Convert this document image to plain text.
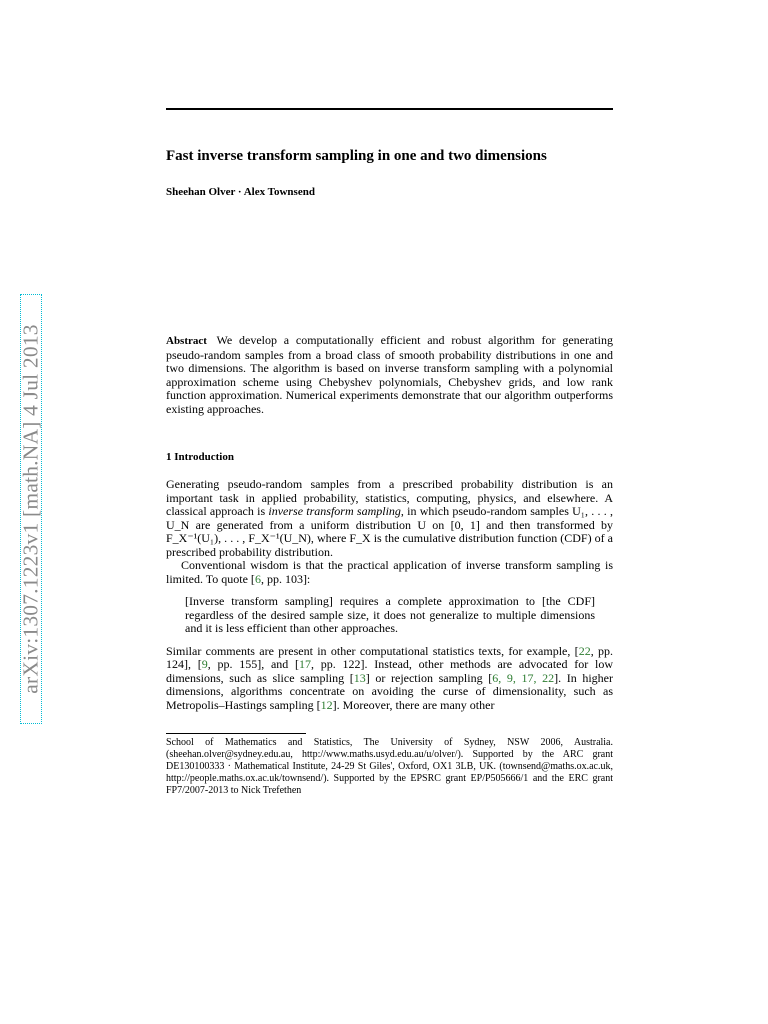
arXiv:1307.1223v1 [math.NA] 4 Jul 2013
Fast inverse transform sampling in one and two dimensions
Sheehan Olver · Alex Townsend
Abstract We develop a computationally efficient and robust algorithm for generating pseudo-random samples from a broad class of smooth probability distributions in one and two dimensions. The algorithm is based on inverse transform sampling with a polynomial approximation scheme using Chebyshev polynomials, Chebyshev grids, and low rank function approximation. Numerical experiments demonstrate that our algorithm outperforms existing approaches.
1 Introduction

Generating pseudo-random samples from a prescribed probability distribution is an important task in applied probability, statistics, computing, physics, and elsewhere. A classical approach is inverse transform sampling, in which pseudo-random samples U₁, . . . , U_N are generated from a uniform distribution U on [0, 1] and then transformed by F_X⁻¹(U₁), . . . , F_X⁻¹(U_N), where F_X is the cumulative distribution function (CDF) of a prescribed probability distribution.

Conventional wisdom is that the practical application of inverse transform sampling is limited. To quote [6, pp. 103]:

[Inverse transform sampling] requires a complete approximation to [the CDF] regardless of the desired sample size, it does not generalize to multiple dimensions and it is less efficient than other approaches.

Similar comments are present in other computational statistics texts, for example, [22, pp. 124], [9, pp. 155], and [17, pp. 122]. Instead, other methods are advocated for low dimensions, such as slice sampling [13] or rejection sampling [6, 9, 17, 22]. In higher dimensions, algorithms concentrate on avoiding the curse of dimensionality, such as Metropolis–Hastings sampling [12]. Moreover, there are many other

School of Mathematics and Statistics, The University of Sydney, NSW 2006, Australia. (sheehan.olver@sydney.edu.au, http://www.maths.usyd.edu.au/u/olver/). Supported by the ARC grant DE130100333 · Mathematical Institute, 24-29 St Giles', Oxford, OX1 3LB, UK. (townsend@maths.ox.ac.uk, http://people.maths.ox.ac.uk/townsend/). Supported by the EPSRC grant EP/P505666/1 and the ERC grant FP7/2007-2013 to Nick Trefethen
